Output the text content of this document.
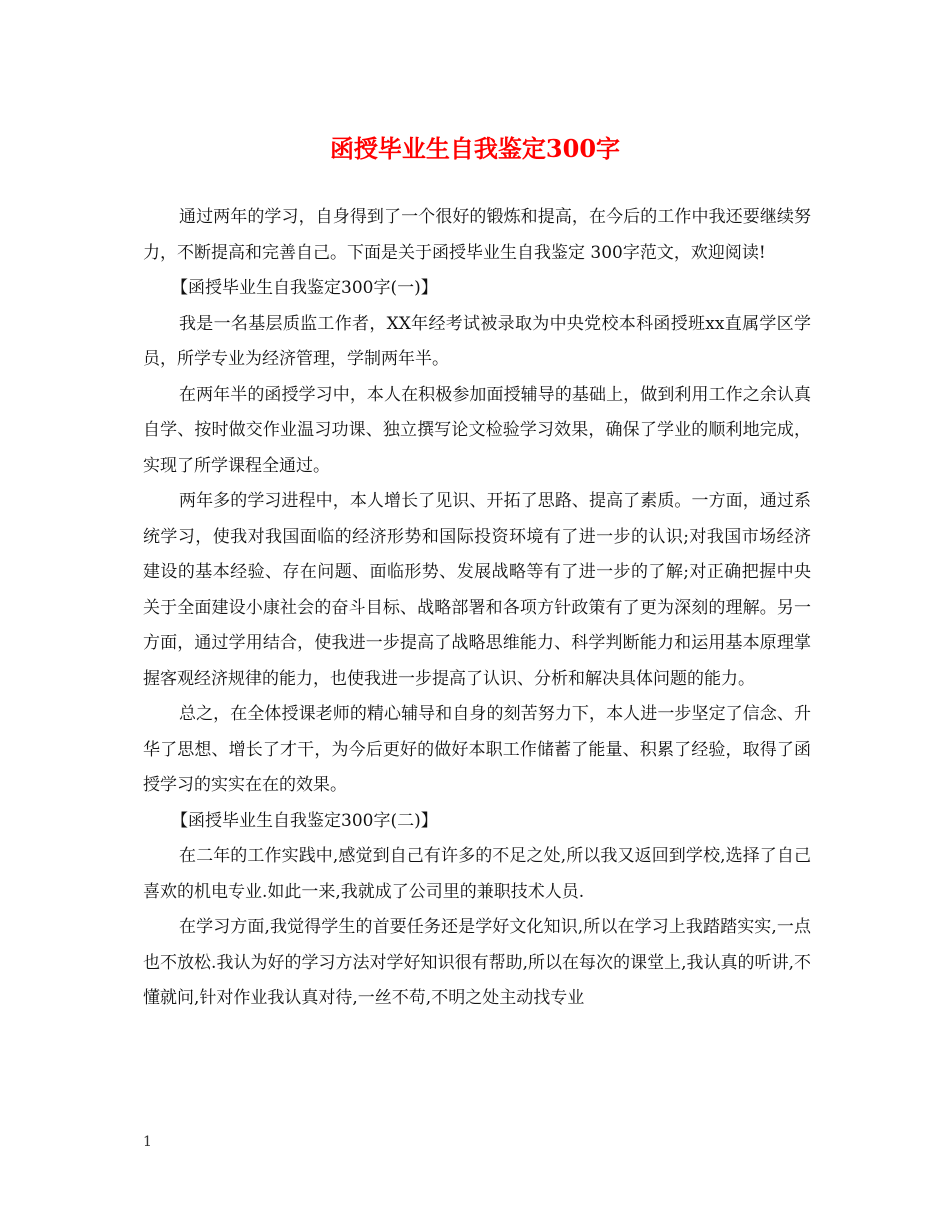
函授毕业生自我鉴定300字

通过两年的学习，自身得到了一个很好的锻炼和提高，在今后的工作中我还要继续努力，不断提高和完善自己。下面是关于函授毕业生自我鉴定 300字范文，欢迎阅读!

【函授毕业生自我鉴定300字(一)】

我是一名基层质监工作者，XX年经考试被录取为中央党校本科函授班xx直属学区学员，所学专业为经济管理，学制两年半。

在两年半的函授学习中，本人在积极参加面授辅导的基础上，做到利用工作之余认真自学、按时做交作业温习功课、独立撰写论文检验学习效果，确保了学业的顺利地完成，实现了所学课程全通过。

两年多的学习进程中，本人增长了见识、开拓了思路、提高了素质。一方面，通过系统学习，使我对我国面临的经济形势和国际投资环境有了进一步的认识;对我国市场经济建设的基本经验、存在问题、面临形势、发展战略等有了进一步的了解;对正确把握中央关于全面建设小康社会的奋斗目标、战略部署和各项方针政策有了更为深刻的理解。另一方面，通过学用结合，使我进一步提高了战略思维能力、科学判断能力和运用基本原理掌握客观经济规律的能力，也使我进一步提高了认识、分析和解决具体问题的能力。

总之，在全体授课老师的精心辅导和自身的刻苦努力下，本人进一步坚定了信念、升华了思想、增长了才干，为今后更好的做好本职工作储蓄了能量、积累了经验，取得了函授学习的实实在在的效果。

【函授毕业生自我鉴定300字(二)】

在二年的工作实践中,感觉到自己有许多的不足之处,所以我又返回到学校,选择了自己喜欢的机电专业.如此一来,我就成了公司里的兼职技术人员.

在学习方面,我觉得学生的首要任务还是学好文化知识,所以在学习上我踏踏实实,一点也不放松.我认为好的学习方法对学好知识很有帮助,所以在每次的课堂上,我认真的听讲,不懂就问,针对作业我认真对待,一丝不苟,不明之处主动找专业

1
